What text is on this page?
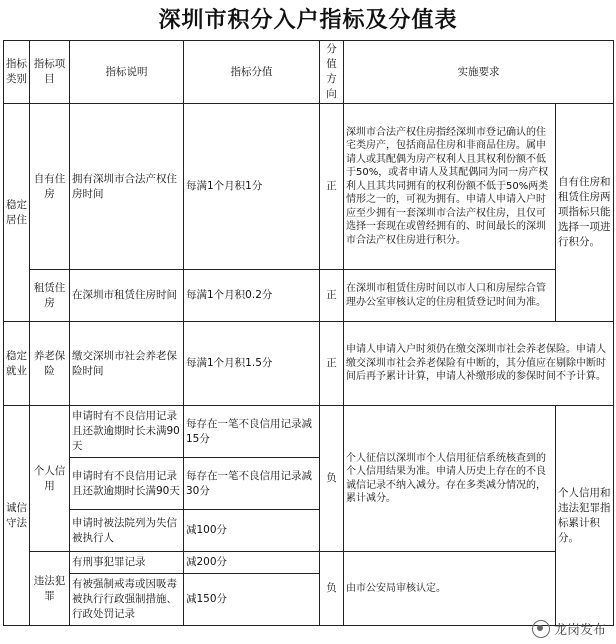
深圳市积分入户指标及分值表
指标类别	指标项目	指标说明	指标分值	分值方向	实施要求	
稳定居住	自有住房	拥有深圳市合法产权住房时间	每满1个月积1分	正	深圳市合法产权住房指经深圳市登记确认的住宅类房产，包括商品住房和非商品住房。属申请人或其配偶为房产权利人且其权利份额不低于50%，或者申请人及其配偶同为同一房产权利人且其共同拥有的权利份额不低于50%两类情形之一的，可视为拥有。申请人申请入户时应至少拥有一套深圳市合法产权住房，且仅可选择一套现在或曾经拥有的、时间最长的深圳市合法产权住房进行积分。	自有住房和租赁住房两项指标只能选择一项进行积分。
	租赁住房	在深圳市租赁住房时间	每满1个月积0.2分	正	在深圳市租赁住房时间以市人口和房屋综合管理办公室审核认定的住房租赁登记时间为准。	
稳定就业	养老保险	缴交深圳市社会养老保险时间	每满1个月积1.5分	正	申请人申请入户时须仍在缴交深圳市社会养老保险。申请人缴交深圳市社会养老保险有中断的，其分值应在剔除中断时间后再予累计计算，申请人补缴形成的参保时间不予计算。	
诚信守法	个人信用	申请时有不良信用记录且还款逾期时长未满90天	每存在一笔不良信用记录减15分	负	个人征信以深圳市个人信用征信系统核查到的个人信用结果为准。申请人历史上存在的不良诚信记录不纳入减分。存在多类减分情况的，累计减分。	个人信用和违法犯罪指标累计积分。
		申请时有不良信用记录且还款逾期时长满90天	每存在一笔不良信用记录减30分			
		申请时被法院列为失信被执行人	减100分			
	违法犯罪	有刑事犯罪记录	减200分	负	由市公安局审核认定。	
		有被强制戒毒或因吸毒被执行行政强制措施、行政处罚记录	减150分			
龙岗发布
